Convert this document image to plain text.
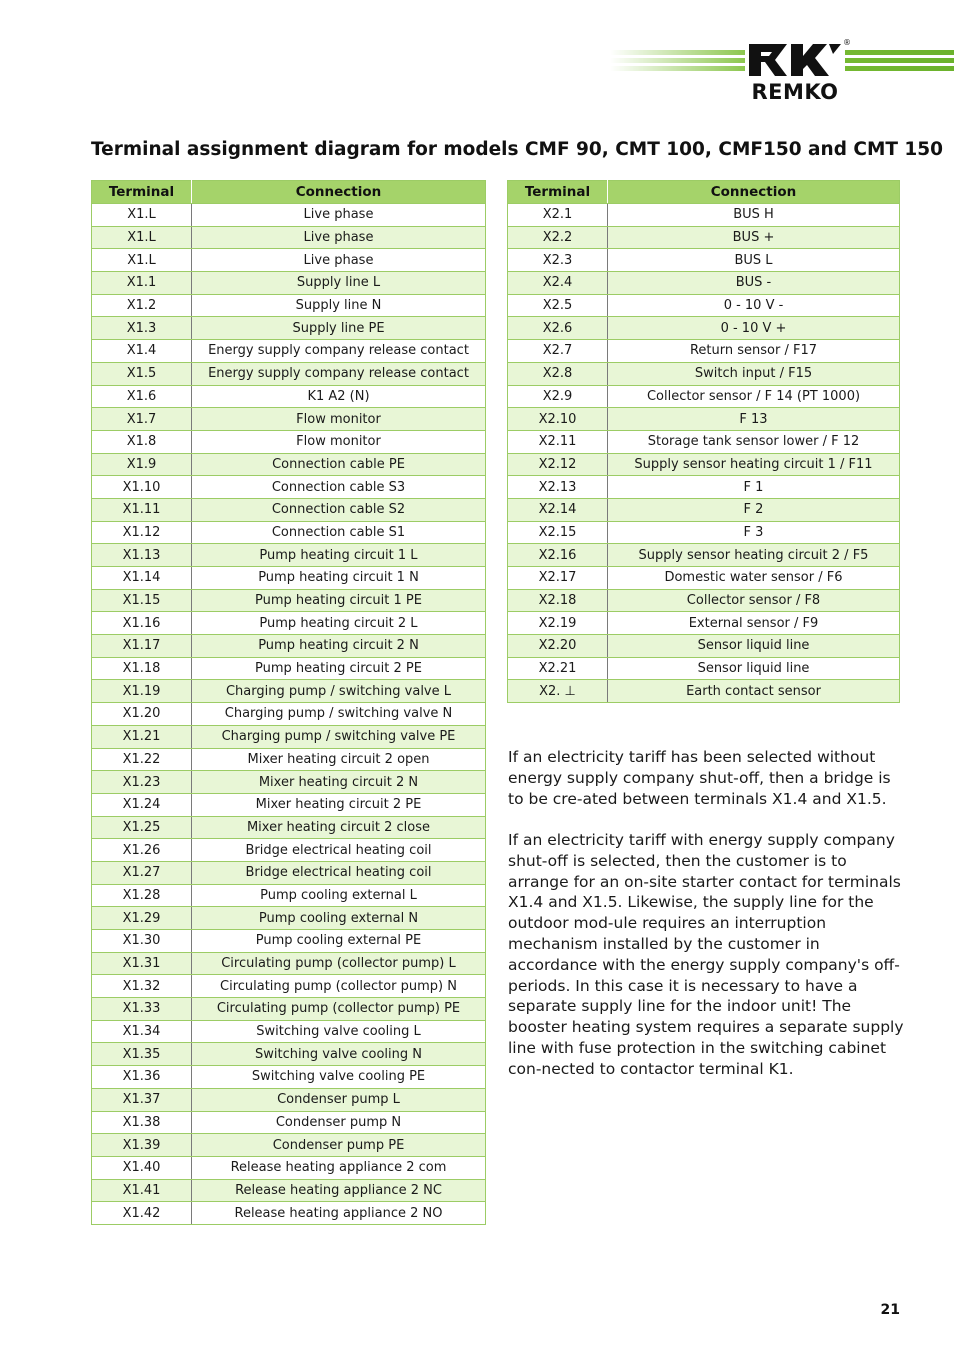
®
REMKO
Terminal assignment diagram for models CMF 90, CMT 100, CMF150 and CMT 150
Terminal	Connection
X1.L	Live phase
X1.L	Live phase
X1.L	Live phase
X1.1	Supply line L
X1.2	Supply line N
X1.3	Supply line PE
X1.4	Energy supply company release contact
X1.5	Energy supply company release contact
X1.6	K1 A2 (N)
X1.7	Flow monitor
X1.8	Flow monitor
X1.9	Connection cable PE
X1.10	Connection cable S3
X1.11	Connection cable S2
X1.12	Connection cable S1
X1.13	Pump heating circuit 1 L
X1.14	Pump heating circuit 1 N
X1.15	Pump heating circuit 1 PE
X1.16	Pump heating circuit 2 L
X1.17	Pump heating circuit 2 N
X1.18	Pump heating circuit 2 PE
X1.19	Charging pump / switching valve L
X1.20	Charging pump / switching valve N
X1.21	Charging pump / switching valve PE
X1.22	Mixer heating circuit 2 open
X1.23	Mixer heating circuit 2 N
X1.24	Mixer heating circuit 2 PE
X1.25	Mixer heating circuit 2 close
X1.26	Bridge electrical heating coil
X1.27	Bridge electrical heating coil
X1.28	Pump cooling external L
X1.29	Pump cooling external N
X1.30	Pump cooling external PE
X1.31	Circulating pump (collector pump) L
X1.32	Circulating pump (collector pump) N
X1.33	Circulating pump (collector pump) PE
X1.34	Switching valve cooling L
X1.35	Switching valve cooling N
X1.36	Switching valve cooling PE
X1.37	Condenser pump L
X1.38	Condenser pump N
X1.39	Condenser pump PE
X1.40	Release heating appliance 2 com
X1.41	Release heating appliance 2 NC
X1.42	Release heating appliance 2 NO
Terminal	Connection
X2.1	BUS H
X2.2	BUS +
X2.3	BUS L
X2.4	BUS -
X2.5	0 - 10 V -
X2.6	0 - 10 V +
X2.7	Return sensor / F17
X2.8	Switch input / F15
X2.9	Collector sensor / F 14 (PT 1000)
X2.10	F 13
X2.11	Storage tank sensor lower / F 12
X2.12	Supply sensor heating circuit 1 / F11
X2.13	F 1
X2.14	F 2
X2.15	F 3
X2.16	Supply sensor heating circuit 2 / F5
X2.17	Domestic water sensor / F6
X2.18	Collector sensor / F8
X2.19	External sensor / F9
X2.20	Sensor liquid line
X2.21	Sensor liquid line
X2. ⊥	Earth contact sensor
If an electricity tariff has been selected without energy supply company shut-off, then a bridge is to be cre-ated between terminals X1.4 and X1.5.
If an electricity tariff with energy supply company shut-off is selected, then the customer is to arrange for an on-site starter contact for terminals X1.4 and X1.5. Likewise, the supply line for the outdoor mod-ule requires an interruption mechanism installed by the customer in accordance with the energy supply company's off-periods. In this case it is necessary to have a separate supply line for the indoor unit! The booster heating system requires a separate supply line with fuse protection in the switching cabinet con-nected to contactor terminal K1.
21
